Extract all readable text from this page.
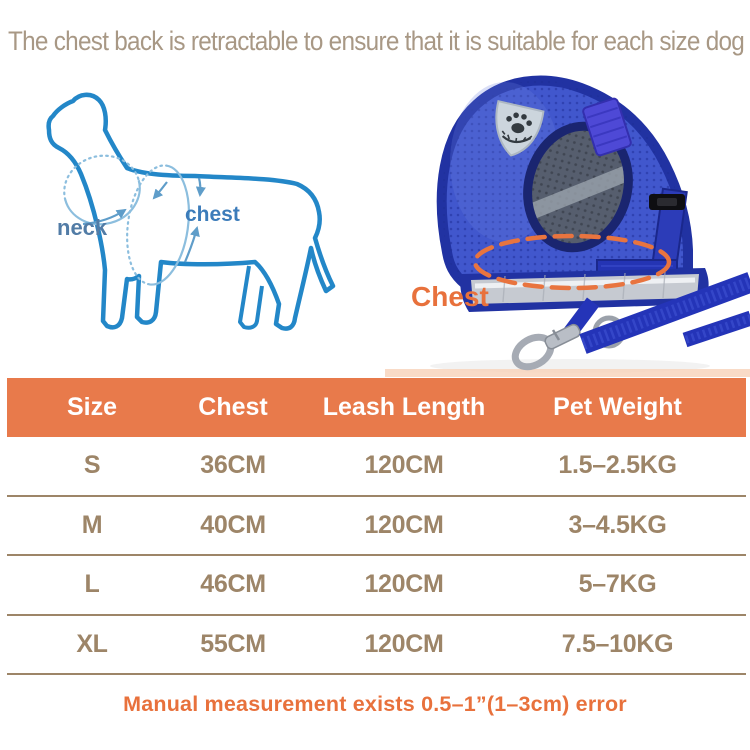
The chest back is retractable to ensure that it is suitable for each size dog
neck
chest
Chest
Size	Chest	Leash Length	Pet Weight
S	36CM	120CM	1.5–2.5KG
M	40CM	120CM	3–4.5KG
L	46CM	120CM	5–7KG
XL	55CM	120CM	7.5–10KG
Manual measurement exists 0.5–1”(1–3cm) error
